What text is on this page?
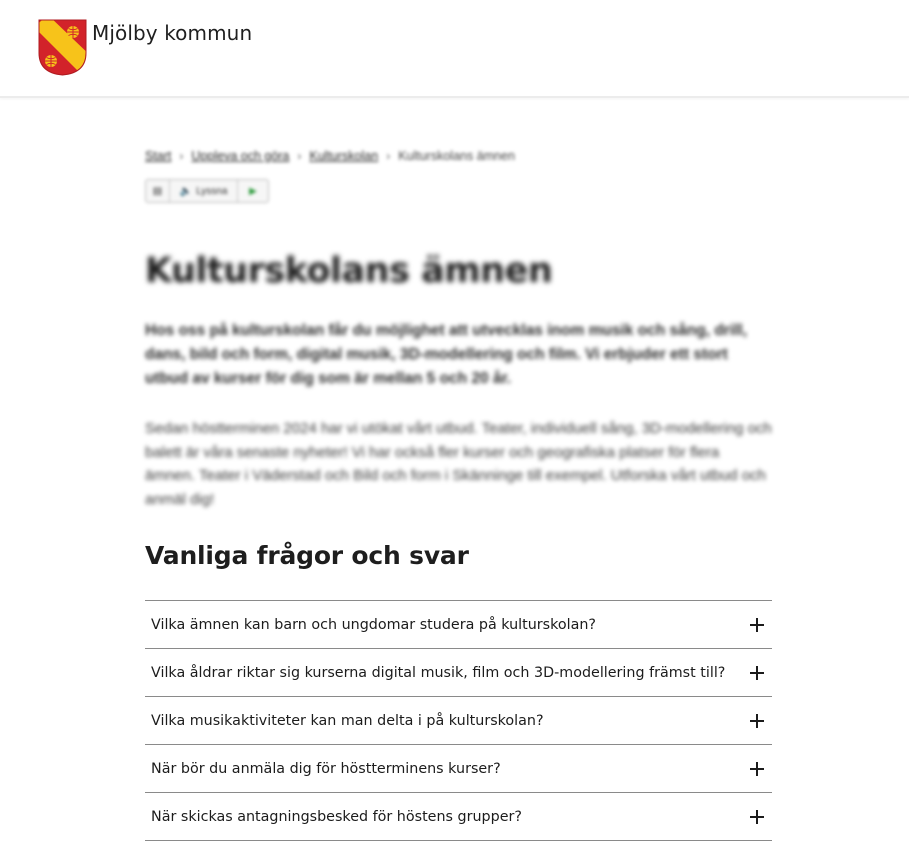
Mjölby kommun
Start › Uppleva och göra › Kulturskolan › Kulturskolans ämnen
▤	🔈 Lyssna	▶
Kulturskolans ämnen

Hos oss på kulturskolan får du möjlighet att utvecklas inom musik och sång, drill, dans, bild och form, digital musik, 3D-modellering och film. Vi erbjuder ett stort utbud av kurser för dig som är mellan 5 och 20 år.

Sedan höstterminen 2024 har vi utökat vårt utbud. Teater, individuell sång, 3D-modellering och balett är våra senaste nyheter! Vi har också fler kurser och geografiska platser för flera ämnen. Teater i Väderstad och Bild och form i Skänninge till exempel. Utforska vårt utbud och anmäl dig!

Vanliga frågor och svar
Vilka ämnen kan barn och ungdomar studera på kulturskolan?
Vilka åldrar riktar sig kurserna digital musik, film och 3D-modellering främst till?
Vilka musikaktiviteter kan man delta i på kulturskolan?
När bör du anmäla dig för höstterminens kurser?
När skickas antagningsbesked för höstens grupper?
